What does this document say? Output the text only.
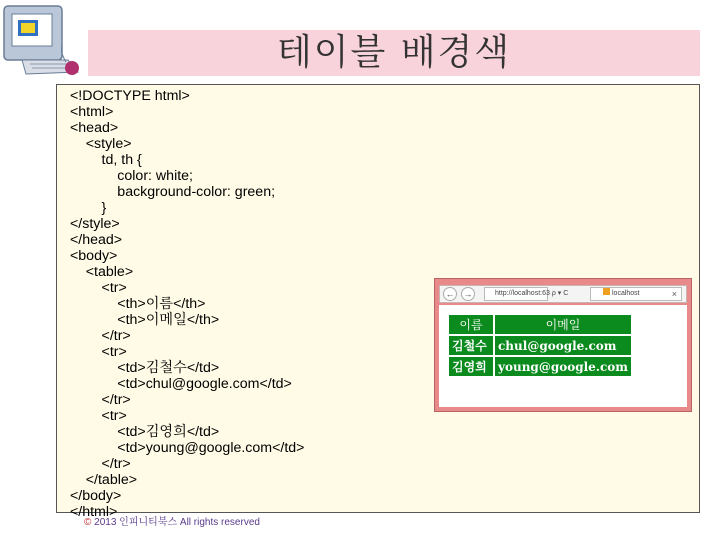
테이블 배경색
<!DOCTYPE html>
<html>
<head>
<style>
td, th {
color: white;
background-color: green;
}
</style>
</head>
<body>
<table>
<tr>
<th>이름</th>
<th>이메일</th>
</tr>
<tr>
<td>김철수</td>
<td>chul@google.com</td>
</tr>
<tr>
<td>김영희</td>
<td>young@google.com</td>
</tr>
</table>
</body>
</html>
← →	http://localhost:63 ρ ▾ C	localhost	×
이름	이메일
김철수	chul@google.com
김영희	young@google.com
© 2013 인피니티북스 All rights reserved
